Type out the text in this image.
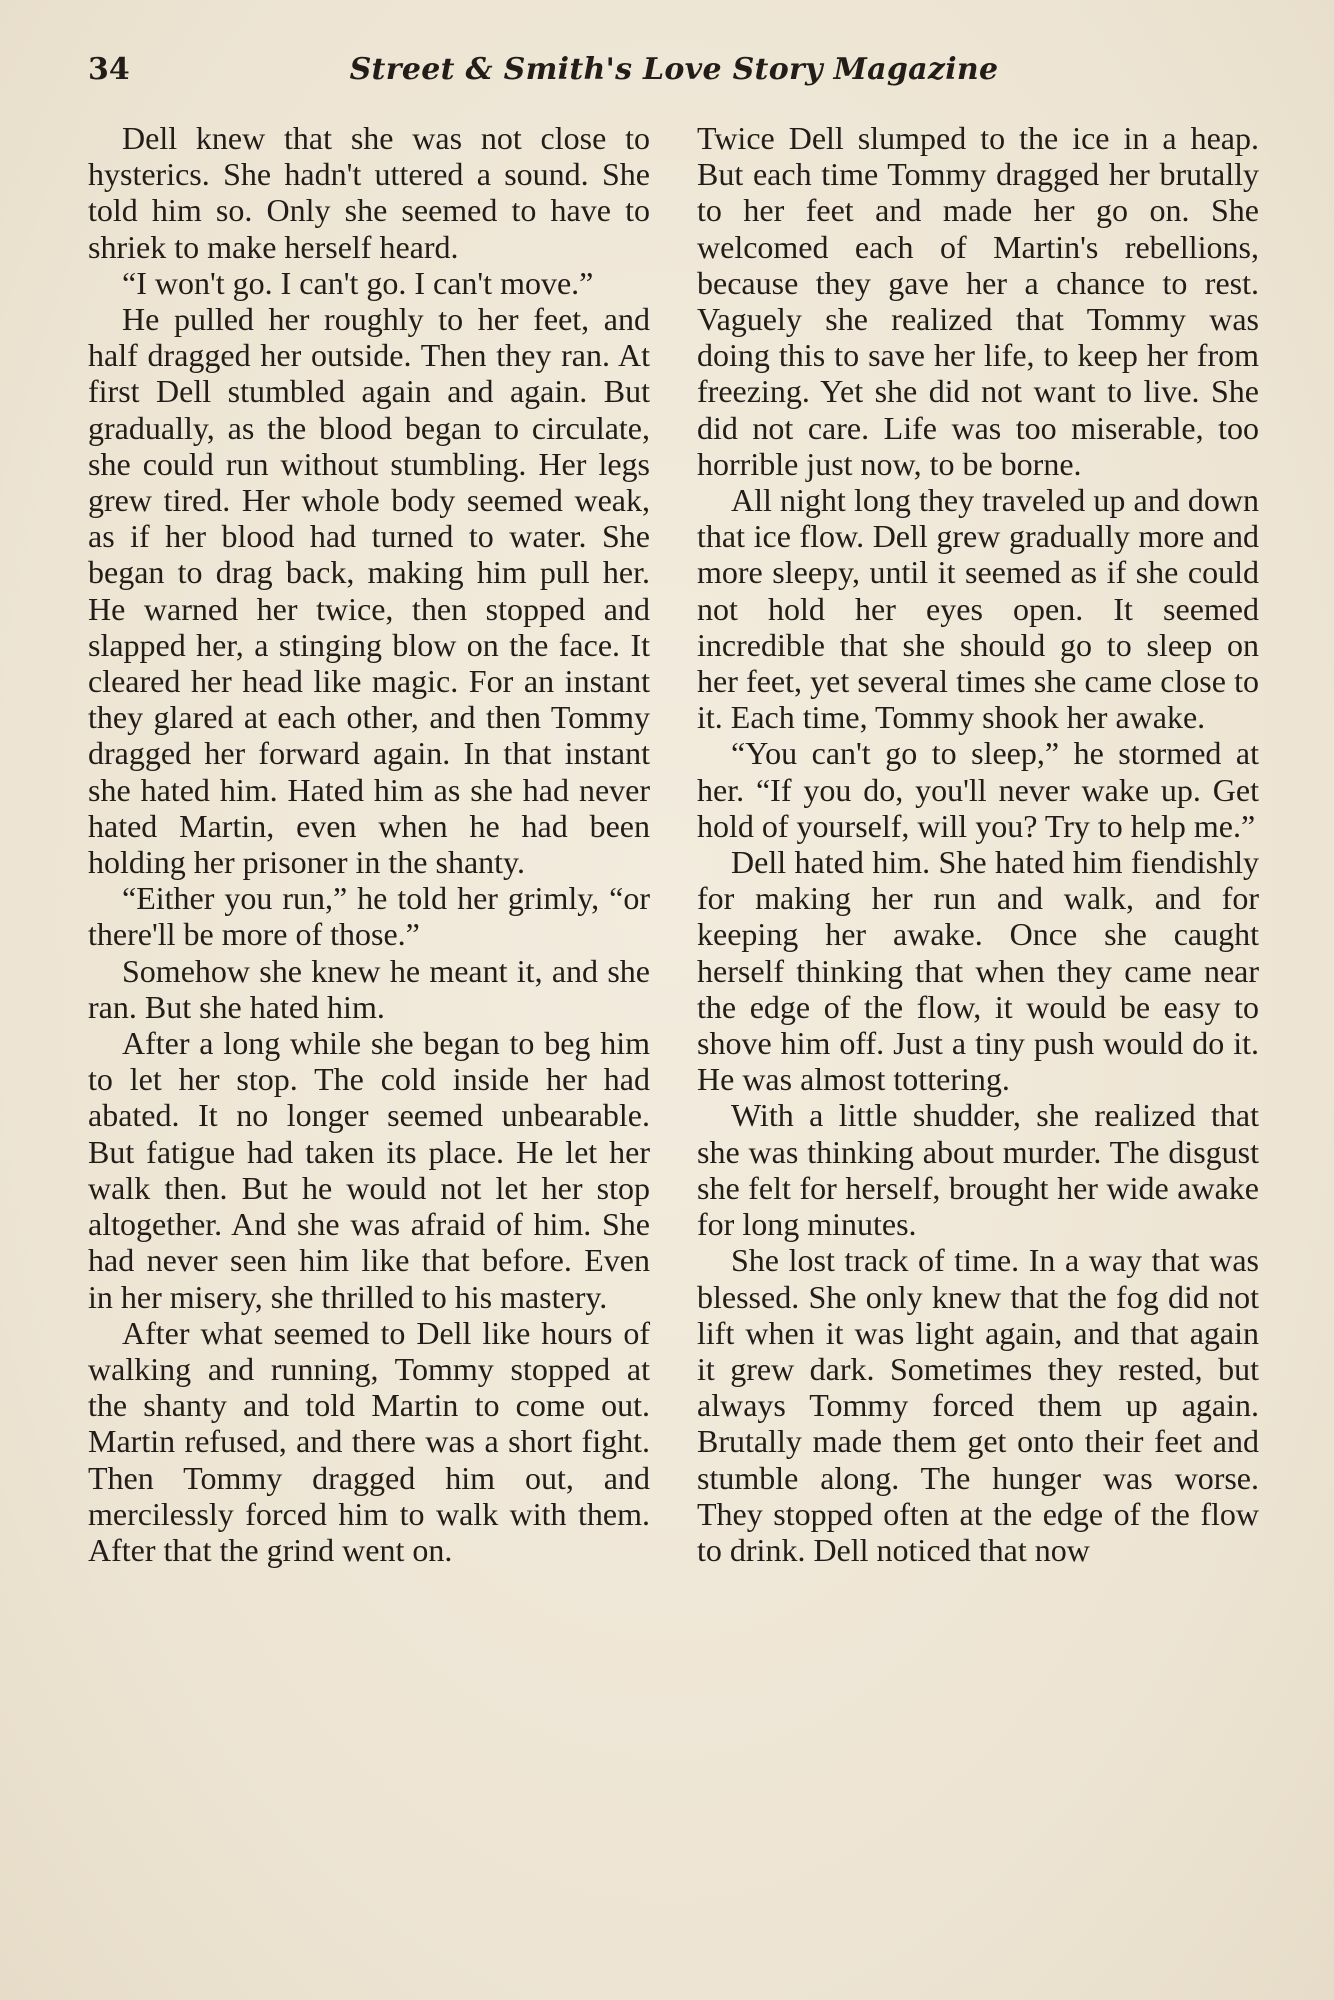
34	Street & Smith's Love Story Magazine

Dell knew that she was not close to hysterics. She hadn't uttered a sound. She told him so. Only she seemed to have to shriek to make herself heard.

“I won't go. I can't go. I can't move.”

He pulled her roughly to her feet, and half dragged her outside. Then they ran. At first Dell stumbled again and again. But gradually, as the blood began to circulate, she could run without stumbling. Her legs grew tired. Her whole body seemed weak, as if her blood had turned to water. She began to drag back, making him pull her. He warned her twice, then stopped and slapped her, a stinging blow on the face. It cleared her head like magic. For an instant they glared at each other, and then Tommy dragged her forward again. In that instant she hated him. Hated him as she had never hated Martin, even when he had been holding her prisoner in the shanty.

“Either you run,” he told her grimly, “or there'll be more of those.”

Somehow she knew he meant it, and she ran. But she hated him.

After a long while she began to beg him to let her stop. The cold inside her had abated. It no longer seemed unbearable. But fatigue had taken its place. He let her walk then. But he would not let her stop altogether. And she was afraid of him. She had never seen him like that before. Even in her misery, she thrilled to his mastery.

After what seemed to Dell like hours of walking and running, Tommy stopped at the shanty and told Martin to come out. Martin refused, and there was a short fight. Then Tommy dragged him out, and mercilessly forced him to walk with them. After that the grind went on.

Twice Dell slumped to the ice in a heap. But each time Tommy dragged her brutally to her feet and made her go on. She welcomed each of Martin's rebellions, because they gave her a chance to rest. Vaguely she realized that Tommy was doing this to save her life, to keep her from freezing. Yet she did not want to live. She did not care. Life was too miserable, too horrible just now, to be borne.

All night long they traveled up and down that ice flow. Dell grew gradually more and more sleepy, until it seemed as if she could not hold her eyes open. It seemed incredible that she should go to sleep on her feet, yet several times she came close to it. Each time, Tommy shook her awake.

“You can't go to sleep,” he stormed at her. “If you do, you'll never wake up. Get hold of yourself, will you? Try to help me.”

Dell hated him. She hated him fiendishly for making her run and walk, and for keeping her awake. Once she caught herself thinking that when they came near the edge of the flow, it would be easy to shove him off. Just a tiny push would do it. He was almost tottering.

With a little shudder, she realized that she was thinking about murder. The disgust she felt for herself, brought her wide awake for long minutes.

She lost track of time. In a way that was blessed. She only knew that the fog did not lift when it was light again, and that again it grew dark. Sometimes they rested, but always Tommy forced them up again. Brutally made them get onto their feet and stumble along. The hunger was worse. They stopped often at the edge of the flow to drink. Dell noticed that now
